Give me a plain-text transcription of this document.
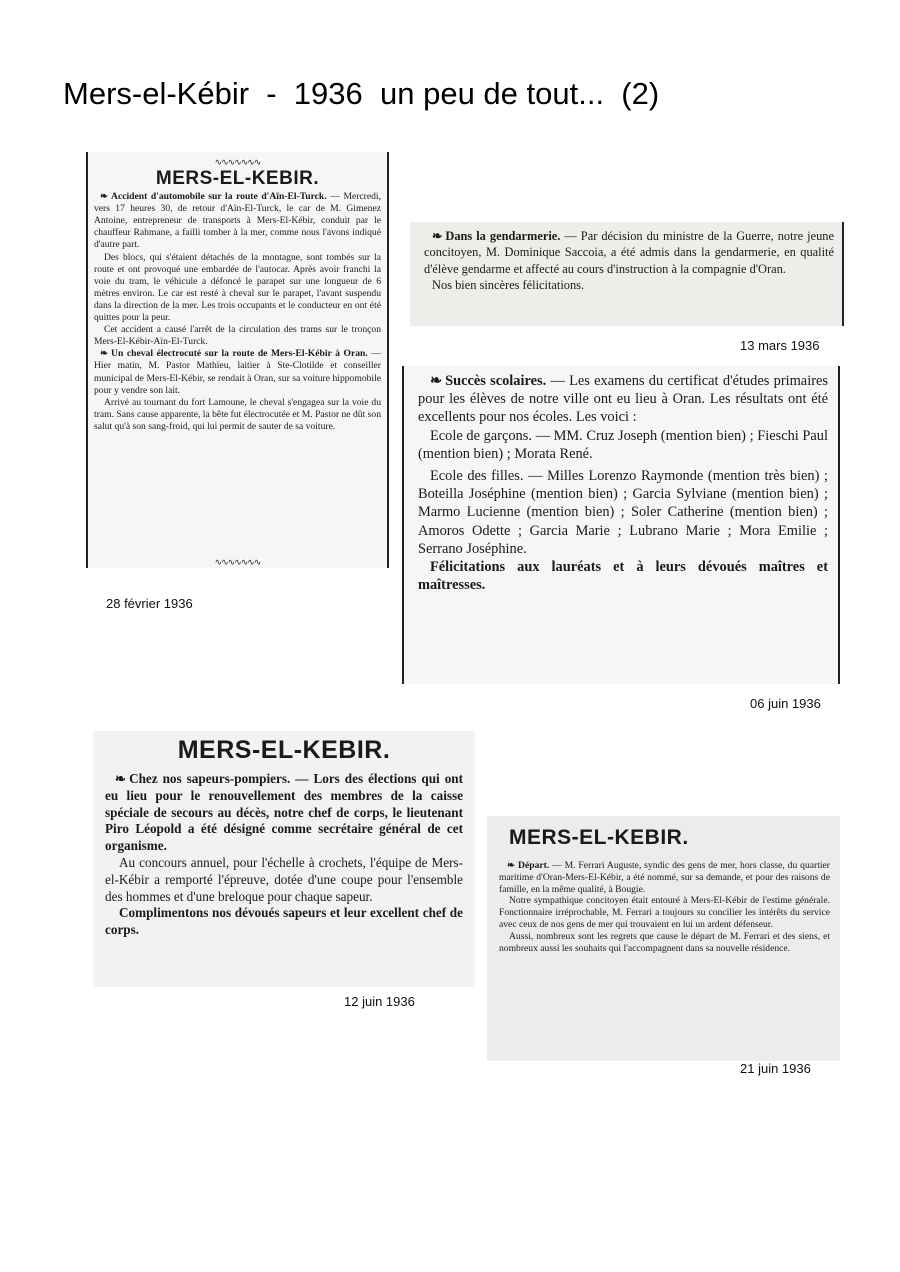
Mers-el-Kébir  -  1936  un peu de tout...  (2)
∿∿∿∿∿∿∿
MERS-EL-KEBIR.

❧ Accident d'automobile sur la route d'Aïn-El-Turck. — Mercredi, vers 17 heures 30, de retour d'Aïn-El-Turck, le car de M. Gimenez Antoine, entrepreneur de transports à Mers-El-Kébir, conduit par le chauffeur Rahmane, a failli tomber à la mer, comme nous l'avons indiqué d'autre part.

Des blocs, qui s'étaient détachés de la montagne, sont tombés sur la route et ont provoqué une embardée de l'autocar. Après avoir franchi la voie du tram, le véhicule a défoncé le parapet sur une longueur de 6 mètres environ. Le car est resté à cheval sur le parapet, l'avant suspendu dans la direction de la mer. Les trois occupants et le conducteur en ont été quittes pour la peur.

Cet accident a causé l'arrêt de la circulation des trams sur le tronçon Mers-El-Kébir-Aïn-El-Turck.

❧ Un cheval électrocuté sur la route de Mers-El-Kébir à Oran. — Hier matin, M. Pastor Mathieu, laitier à Ste-Clotilde et conseiller municipal de Mers-El-Kébir, se rendait à Oran, sur sa voiture hippomobile pour y vendre son lait.

Arrivé au tournant du fort Lamoune, le cheval s'engagea sur la voie du tram. Sans cause apparente, la bête fut électrocutée et M. Pastor ne dût son salut qu'à son sang-froid, qui lui permit de sauter de sa voiture.

∿∿∿∿∿∿∿
28 février 1936

❧ Dans la gendarmerie. — Par décision du ministre de la Guerre, notre jeune concitoyen, M. Dominique Saccoia, a été admis dans la gendarmerie, en qualité d'élève gendarme et affecté au cours d'instruction à la compagnie d'Oran.

Nos bien sincères félicitations.

13 mars 1936

❧ Succès scolaires. — Les examens du certificat d'études primaires pour les élèves de notre ville ont eu lieu à Oran. Les résultats ont été excellents pour nos écoles. Les voici :

Ecole de garçons. — MM. Cruz Joseph (mention bien) ; Fieschi Paul (mention bien) ; Morata René.

Ecole des filles. — Milles Lorenzo Raymonde (mention très bien) ; Boteilla Joséphine (mention bien) ; Garcia Sylviane (mention bien) ; Marmo Lucienne (mention bien) ; Soler Catherine (mention bien) ; Amoros Odette ; Garcia Marie ; Lubrano Marie ; Mora Emilie ; Serrano Joséphine.

Félicitations aux lauréats et à leurs dévoués maîtres et maîtresses.

06 juin 1936
MERS-EL-KEBIR.

❧ Chez nos sapeurs-pompiers. — Lors des élections qui ont eu lieu pour le renouvellement des membres de la caisse spéciale de secours au décès, notre chef de corps, le lieutenant Piro Léopold a été désigné comme secrétaire général de cet organisme.

Au concours annuel, pour l'échelle à crochets, l'équipe de Mers-el-Kébir a remporté l'épreuve, dotée d'une coupe pour l'ensemble des hommes et d'une breloque pour chaque sapeur.

Complimentons nos dévoués sapeurs et leur excellent chef de corps.

12 juin 1936
MERS-EL-KEBIR.

❧ Départ. — M. Ferrari Auguste, syndic des gens de mer, hors classe, du quartier maritime d'Oran-Mers-El-Kébir, a été nommé, sur sa demande, et pour des raisons de famille, en la même qualité, à Bougie.

Notre sympathique concitoyen était entouré à Mers-El-Kébir de l'estime générale. Fonctionnaire irréprochable, M. Ferrari a toujours su concilier les intérêts du service avec ceux de nos gens de mer qui trouvaient en lui un ardent défenseur.

Aussi, nombreux sont les regrets que cause le départ de M. Ferrari et des siens, et nombreux aussi les souhaits qui l'accompagnent dans sa nouvelle résidence.

21 juin 1936
